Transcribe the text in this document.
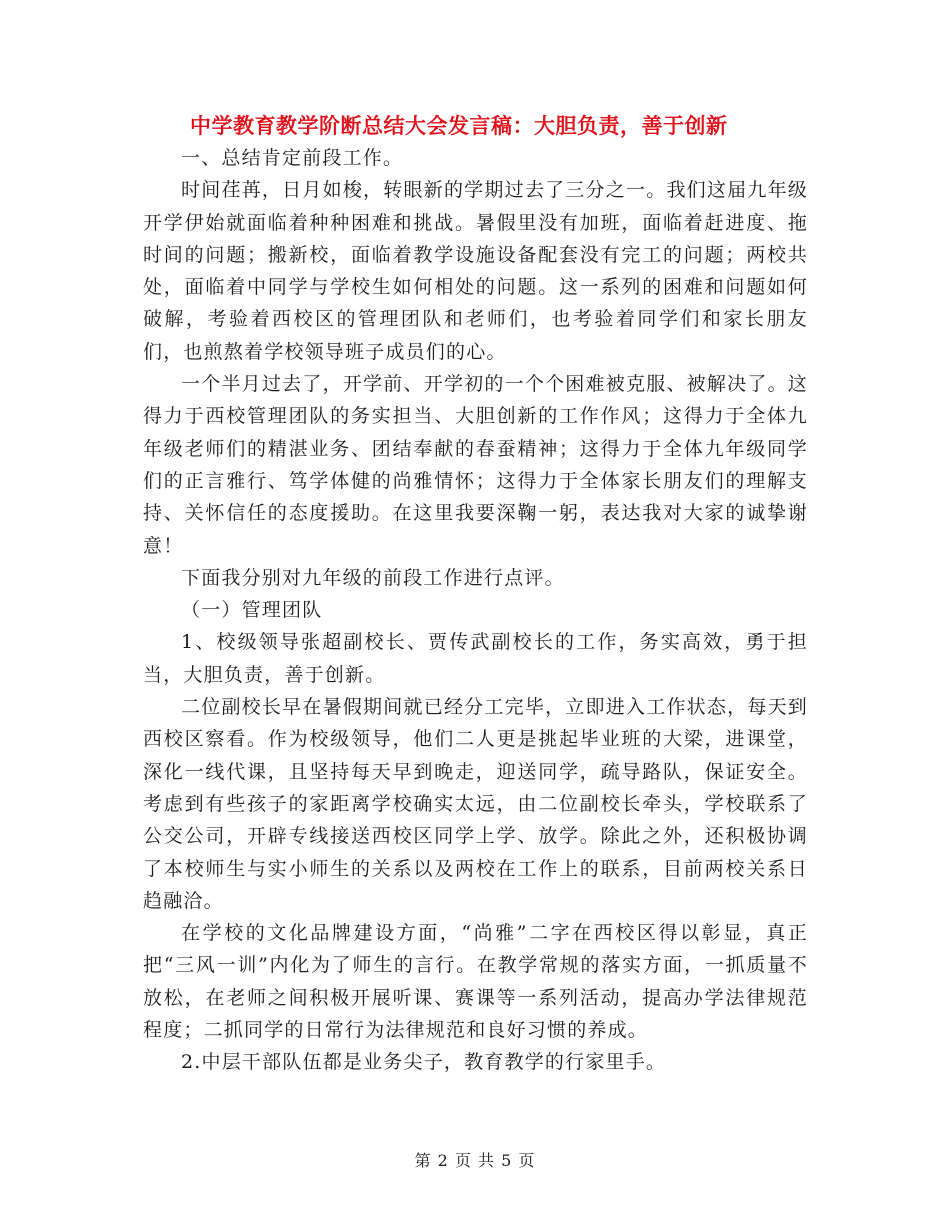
中学教育教学阶断总结大会发言稿：大胆负责，善于创新

一、总结肯定前段工作。

时间荏苒，日月如梭，转眼新的学期过去了三分之一。我们这届九年级开学伊始就面临着种种困难和挑战。暑假里没有加班，面临着赶进度、拖时间的问题；搬新校，面临着教学设施设备配套没有完工的问题；两校共处，面临着中同学与学校生如何相处的问题。这一系列的困难和问题如何破解，考验着西校区的管理团队和老师们，也考验着同学们和家长朋友们，也煎熬着学校领导班子成员们的心。

一个半月过去了，开学前、开学初的一个个困难被克服、被解决了。这得力于西校管理团队的务实担当、大胆创新的工作作风；这得力于全体九年级老师们的精湛业务、团结奉献的春蚕精神；这得力于全体九年级同学们的正言雅行、笃学体健的尚雅情怀；这得力于全体家长朋友们的理解支持、关怀信任的态度援助。在这里我要深鞠一躬，表达我对大家的诚挚谢意！

下面我分别对九年级的前段工作进行点评。

（一）管理团队

1、校级领导张超副校长、贾传武副校长的工作，务实高效，勇于担当，大胆负责，善于创新。

二位副校长早在暑假期间就已经分工完毕，立即进入工作状态，每天到西校区察看。作为校级领导，他们二人更是挑起毕业班的大梁，进课堂，深化一线代课，且坚持每天早到晚走，迎送同学，疏导路队，保证安全。考虑到有些孩子的家距离学校确实太远，由二位副校长牵头，学校联系了公交公司，开辟专线接送西校区同学上学、放学。除此之外，还积极协调了本校师生与实小师生的关系以及两校在工作上的联系，目前两校关系日趋融洽。

在学校的文化品牌建设方面，“尚雅”二字在西校区得以彰显，真正把“三风一训”内化为了师生的言行。在教学常规的落实方面，一抓质量不放松，在老师之间积极开展听课、赛课等一系列活动，提高办学法律规范程度；二抓同学的日常行为法律规范和良好习惯的养成。

2.中层干部队伍都是业务尖子，教育教学的行家里手。

第 2 页 共 5 页
